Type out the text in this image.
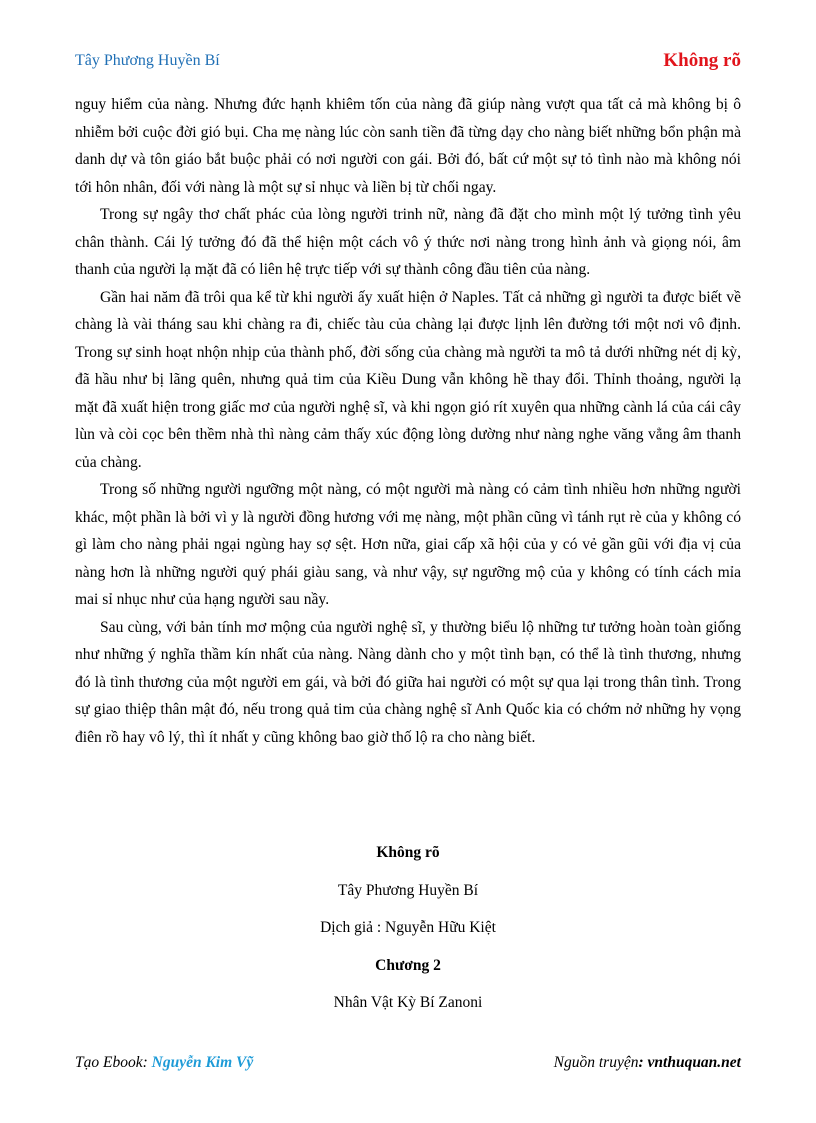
Tây Phương Huyền Bí	Không rõ

nguy hiểm của nàng. Nhưng đức hạnh khiêm tốn của nàng đã giúp nàng vượt qua tất cả mà không bị ô nhiễm bởi cuộc đời gió bụi. Cha mẹ nàng lúc còn sanh tiền đã từng dạy cho nàng biết những bổn phận mà danh dự và tôn giáo bắt buộc phải có nơi người con gái. Bởi đó, bất cứ một sự tỏ tình nào mà không nói tới hôn nhân, đối với nàng là một sự sỉ nhục và liền bị từ chối ngay.

Trong sự ngây thơ chất phác của lòng người trinh nữ, nàng đã đặt cho mình một lý tưởng tình yêu chân thành. Cái lý tưởng đó đã thể hiện một cách vô ý thức nơi nàng trong hình ảnh và giọng nói, âm thanh của người lạ mặt đã có liên hệ trực tiếp với sự thành công đầu tiên của nàng.

Gần hai năm đã trôi qua kể từ khi người ấy xuất hiện ở Naples. Tất cả những gì người ta được biết về chàng là vài tháng sau khi chàng ra đi, chiếc tàu của chàng lại được lịnh lên đường tới một nơi vô định. Trong sự sinh hoạt nhộn nhịp của thành phố, đời sống của chàng mà người ta mô tả dưới những nét dị kỳ, đã hầu như bị lãng quên, nhưng quả tim của Kiều Dung vẫn không hề thay đổi. Thỉnh thoảng, người lạ mặt đã xuất hiện trong giấc mơ của người nghệ sĩ, và khi ngọn gió rít xuyên qua những cành lá của cái cây lùn và còi cọc bên thềm nhà thì nàng cảm thấy xúc động lòng dường như nàng nghe văng vẳng âm thanh của chàng.

Trong số những người ngưỡng một nàng, có một người mà nàng có cảm tình nhiều hơn những người khác, một phần là bởi vì y là người đồng hương với mẹ nàng, một phần cũng vì tánh rụt rè của y không có gì làm cho nàng phải ngại ngùng hay sợ sệt. Hơn nữa, giai cấp xã hội của y có vẻ gần gũi với địa vị của nàng hơn là những người quý phái giàu sang, và như vậy, sự ngưỡng mộ của y không có tính cách mỉa mai sỉ nhục như của hạng người sau nầy.

Sau cùng, với bản tính mơ mộng của người nghệ sĩ, y thường biểu lộ những tư tưởng hoàn toàn giống như những ý nghĩa thầm kín nhất của nàng. Nàng dành cho y một tình bạn, có thể là tình thương, nhưng đó là tình thương của một người em gái, và bởi đó giữa hai người có một sự qua lại trong thân tình. Trong sự giao thiệp thân mật đó, nếu trong quả tim của chàng nghệ sĩ Anh Quốc kia có chớm nở những hy vọng điên rồ hay vô lý, thì ít nhất y cũng không bao giờ thố lộ ra cho nàng biết.

Không rõ
Tây Phương Huyền Bí
Dịch giả : Nguyễn Hữu Kiệt
Chương 2
Nhân Vật Kỳ Bí Zanoni
Tạo Ebook: Nguyễn Kim Vỹ	Nguồn truyện: vnthuquan.net
